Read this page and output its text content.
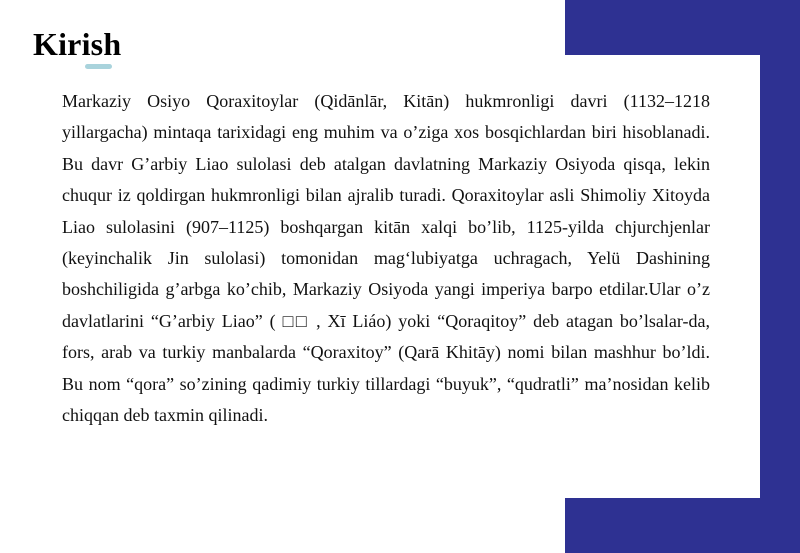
Kirish

Markaziy Osiyo Qoraxitoylar (Qidānlār, Kitān) hukmronligi davri (1132–1218 yillargacha) mintaqa tarixidagi eng muhim va o’ziga xos bosqichlardan biri hisoblanadi. Bu davr G’arbiy Liao sulolasi deb atalgan davlatning Markaziy Osiyoda qisqa, lekin chuqur iz qoldirgan hukmronligi bilan ajralib turadi. Qoraxitoylar asli Shimoliy Xitoyda Liao sulolasini (907–1125) boshqargan kitān xalqi bo’lib, 1125-yilda chjurchjenlar (keyinchalik Jin sulolasi) tomonidan mag‘lubiyatga uchragach, Yelü Dashining boshchiligida g’arbga ko’chib, Markaziy Osiyoda yangi imperiya barpo etdilar.Ular o’z davlatlarini “G’arbiy Liao” ( □□ , Xī Liáo) yoki “Qoraqitoy” deb atagan bo’lsalar-da, fors, arab va turkiy manbalarda “Qoraxitoy” (Qarā Khitāy) nomi bilan mashhur bo’ldi. Bu nom “qora” so’zining qadimiy turkiy tillardagi “buyuk”, “qudratli” ma’nosidan kelib chiqqan deb taxmin qilinadi.
